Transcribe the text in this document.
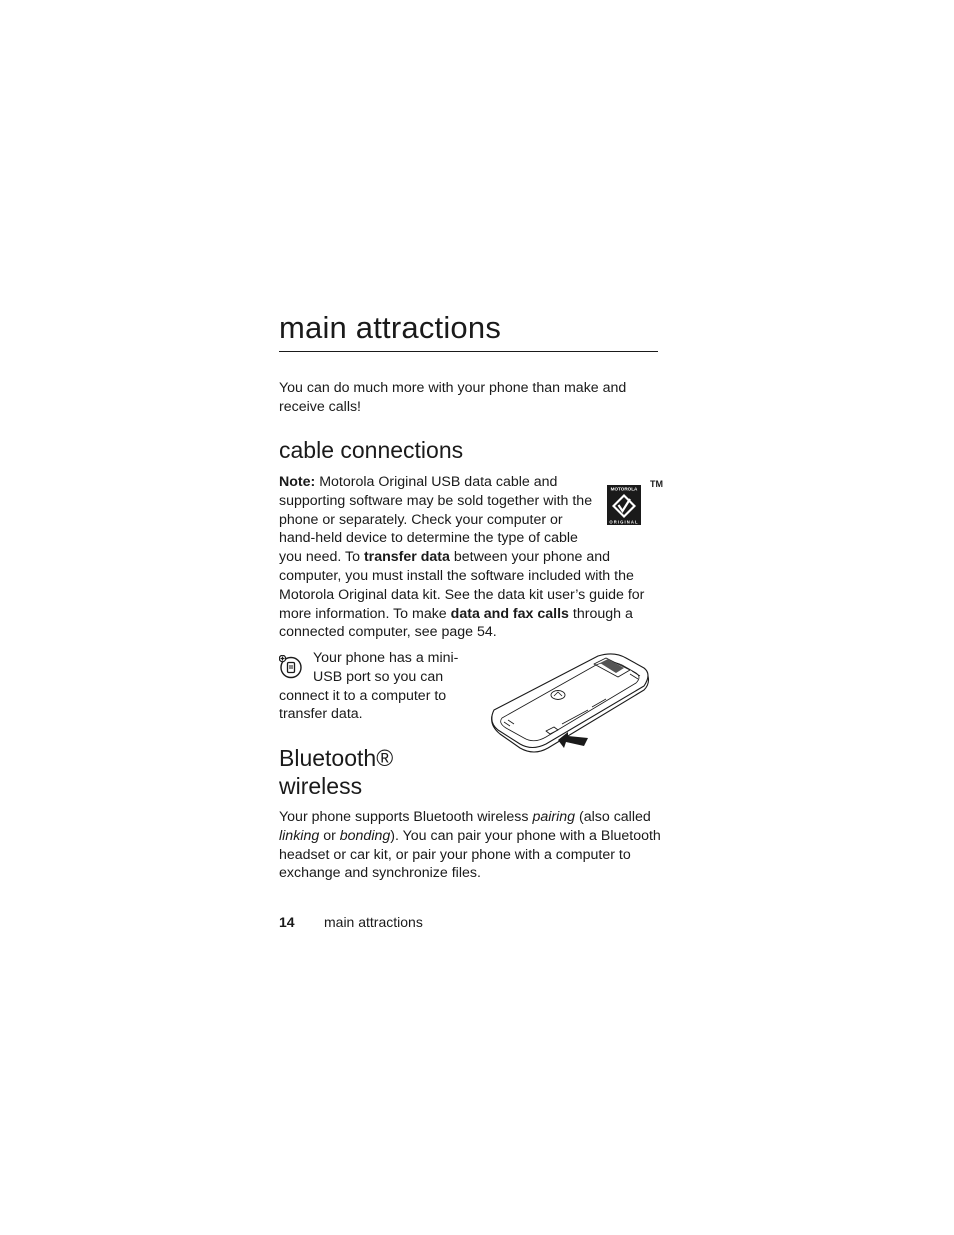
main attractions

You can do much more with your phone than make and receive calls!

cable connections
TM
MOTOROLA
ORIGINAL
Note: Motorola Original USB data cable and supporting software may be sold together with the phone or separately. Check your computer or hand-held device to determine the type of cable you need. To transfer data between your phone and computer, you must install the software included with the Motorola Original data kit. See the data kit user’s guide for more information. To make data and fax calls through a connected computer, see page 54.
Your phone has a mini-USB port so you can connect it to a computer to transfer data.
Bluetooth® wireless
Your phone supports Bluetooth wireless pairing (also called linking or bonding). You can pair your phone with a Bluetooth headset or car kit, or pair your phone with a computer to exchange and synchronize files.
14 main attractions
